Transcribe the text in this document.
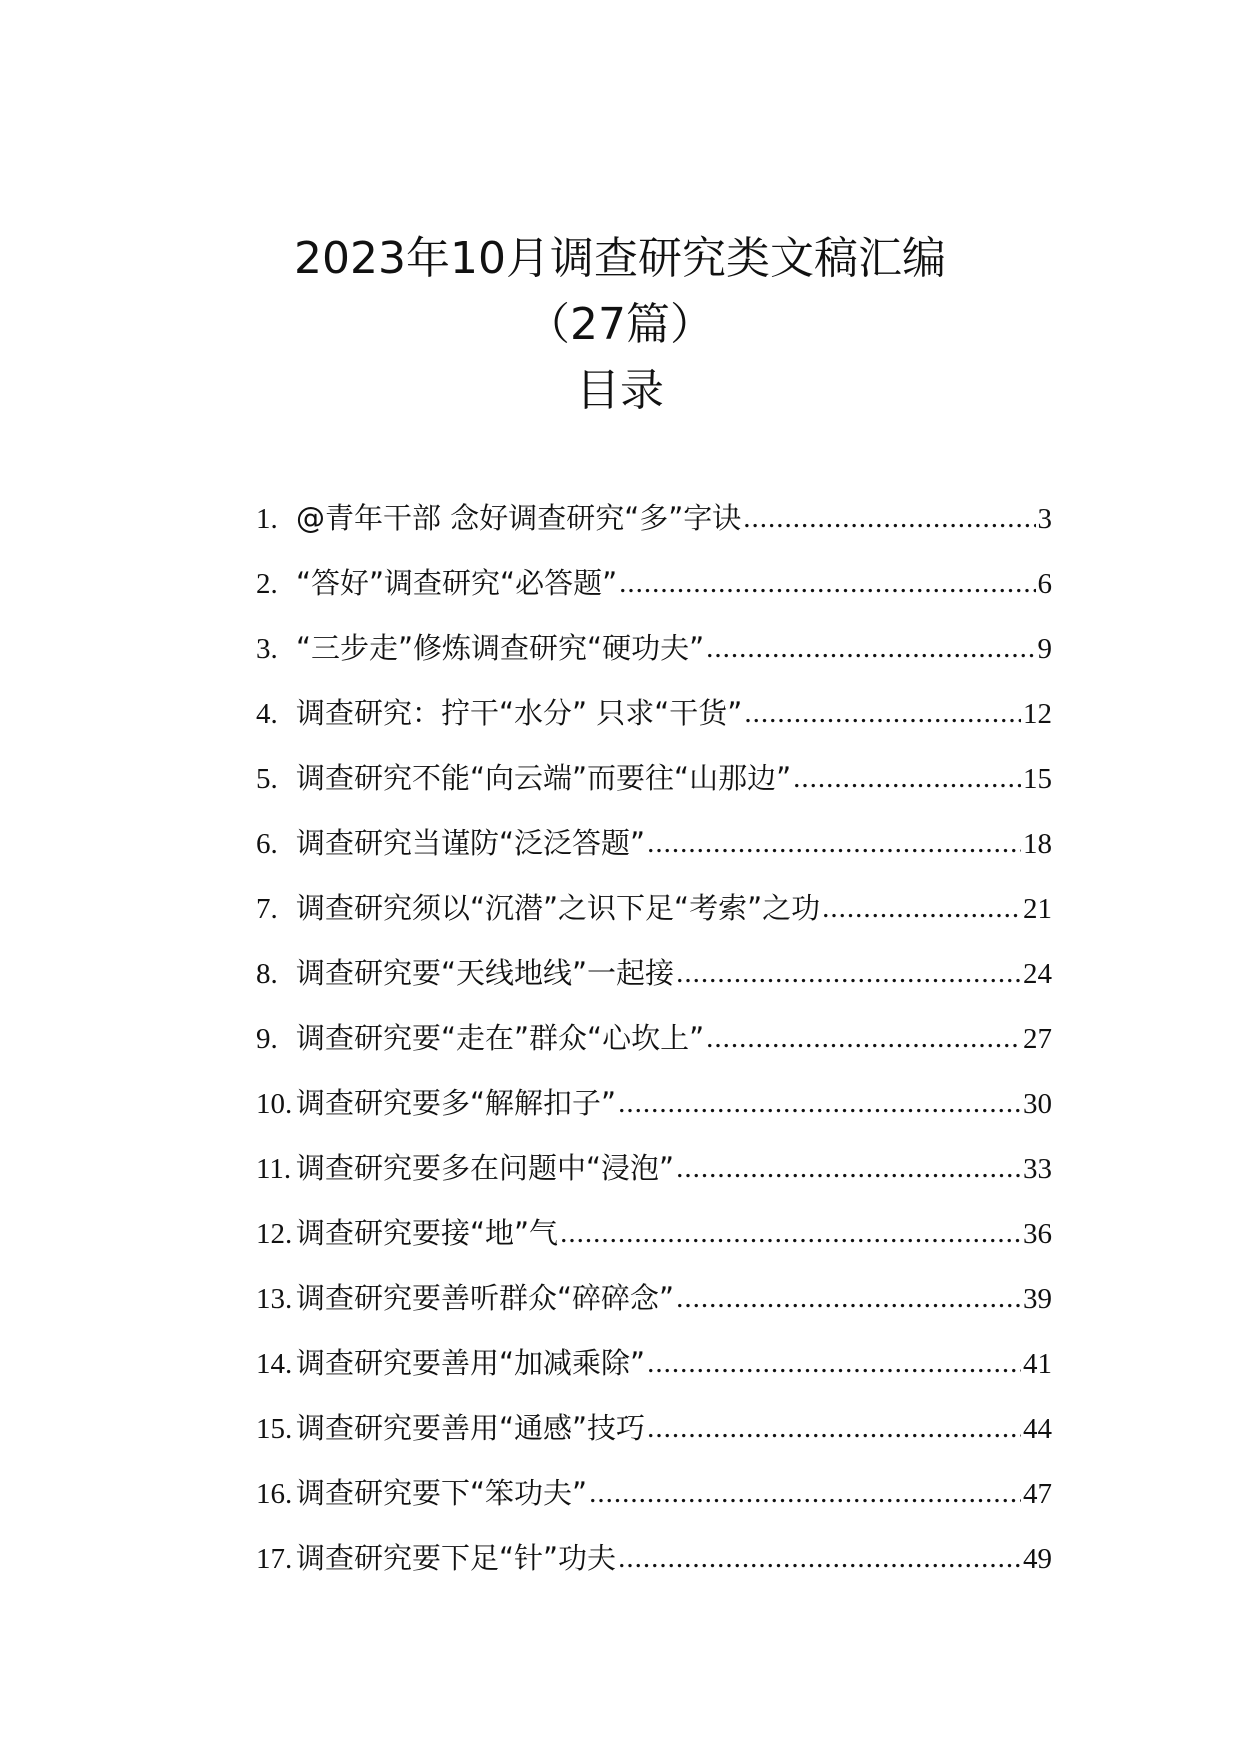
2023年10月调查研究类文稿汇编
（27篇）
目录
1. @青年干部 念好调查研究“多”字诀 .....	3
2. “答好”调查研究“必答题” .....	6
3. “三步走”修炼调查研究“硬功夫” .....	9
4. 调查研究：拧干“水分” 只求“干货” .....	12
5. 调查研究不能“向云端”而要往“山那边” .....	15
6. 调查研究当谨防“泛泛答题” .....	18
7. 调查研究须以“沉潜”之识下足“考索”之功 .....	21
8. 调查研究要“天线地线”一起接 .....	24
9. 调查研究要“走在”群众“心坎上” .....	27
10. 调查研究要多“解解扣子” .....	30
11. 调查研究要多在问题中“浸泡” .....	33
12. 调查研究要接“地”气 .....	36
13. 调查研究要善听群众“碎碎念” .....	39
14. 调查研究要善用“加减乘除” .....	41
15. 调查研究要善用“通感”技巧 .....	44
16. 调查研究要下“笨功夫” .....	47
17. 调查研究要下足“针”功夫 .....	49
